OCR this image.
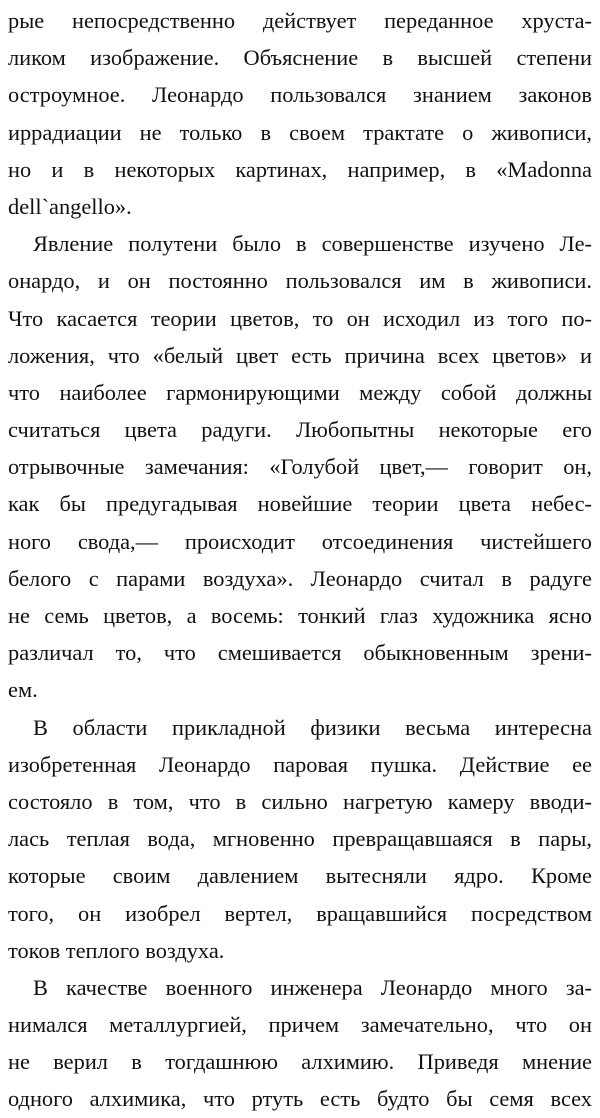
рые непосредственно действует переданное хруста-
ликом изображение. Объяснение в высшей степени
остроумное. Леонардо пользовался знанием законов
иррадиации не только в своем трактате о живописи,
но и в некоторых картинах, например, в «Madonna
dell`angello».
Явление полутени было в совершенстве изучено Ле-
онардо, и он постоянно пользовался им в живописи.
Что касается теории цветов, то он исходил из того по-
ложения, что «белый цвет есть причина всех цветов» и
что наиболее гармонирующими между собой должны
считаться цвета радуги. Любопытны некоторые его
отрывочные замечания: «Голубой цвет,— говорит он,
как бы предугадывая новейшие теории цвета небес-
ного свода,— происходит отсоединения чистейшего
белого с парами воздуха». Леонардо считал в радуге
не семь цветов, а восемь: тонкий глаз художника ясно
различал то, что смешивается обыкновенным зрени-
ем.
В области прикладной физики весьма интересна
изобретенная Леонардо паровая пушка. Действие ее
состояло в том, что в сильно нагретую камеру вводи-
лась теплая вода, мгновенно превращавшаяся в пары,
которые своим давлением вытесняли ядро. Кроме
того, он изобрел вертел, вращавшийся посредством
токов теплого воздуха.
В качестве военного инженера Леонардо много за-
нимался металлургией, причем замечательно, что он
не верил в тогдашнюю алхимию. Приведя мнение
одного алхимика, что ртуть есть будто бы семя всех
